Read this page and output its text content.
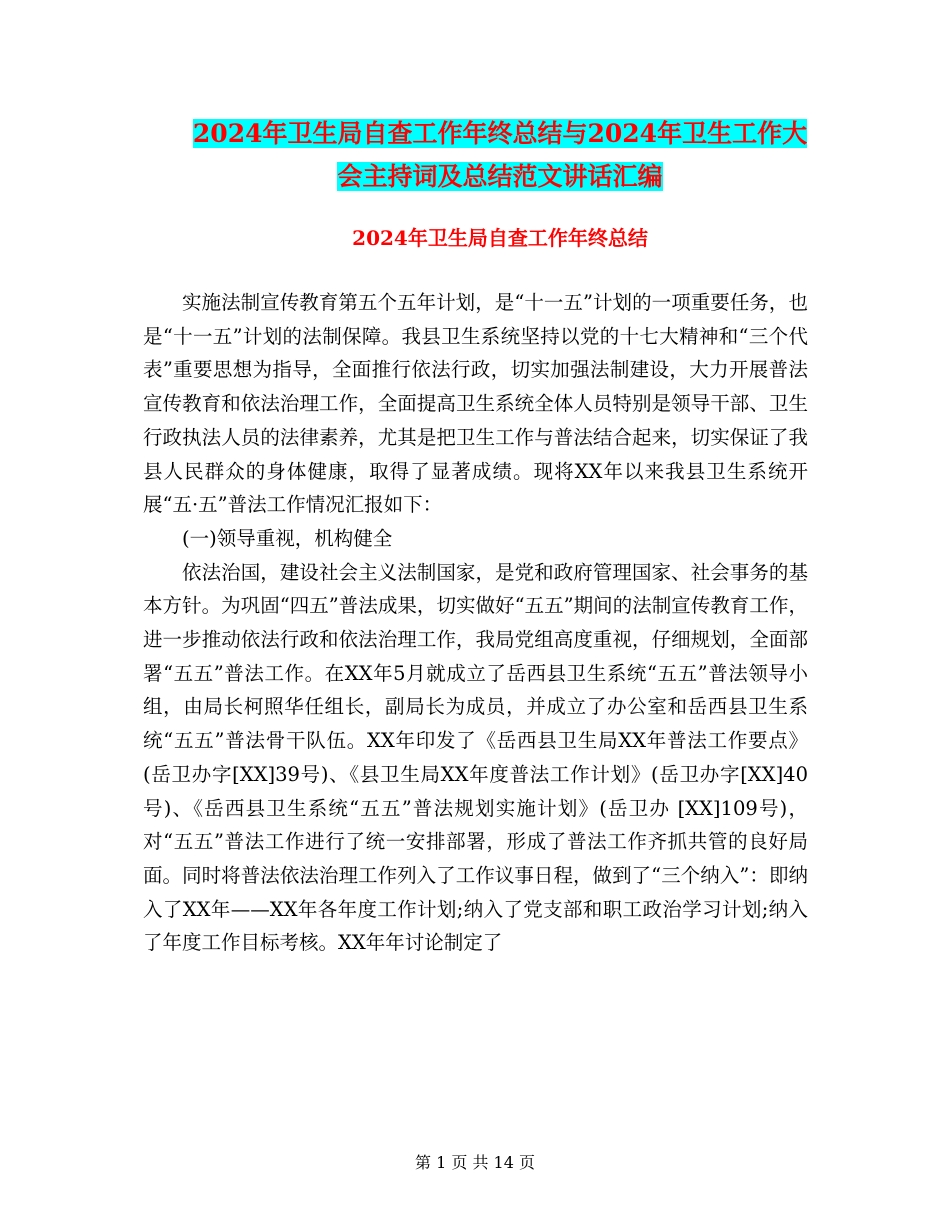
2024年卫生局自查工作年终总结与2024年卫生工作大
会主持词及总结范文讲话汇编
2024年卫生局自查工作年终总结

实施法制宣传教育第五个五年计划，是“十一五”计划的一项重要任务，也是“十一五”计划的法制保障。我县卫生系统坚持以党的十七大精神和“三个代表”重要思想为指导，全面推行依法行政，切实加强法制建设，大力开展普法宣传教育和依法治理工作，全面提高卫生系统全体人员特别是领导干部、卫生行政执法人员的法律素养，尤其是把卫生工作与普法结合起来，切实保证了我县人民群众的身体健康，取得了显著成绩。现将XX年以来我县卫生系统开展“五·五”普法工作情况汇报如下：

(一)领导重视，机构健全

依法治国，建设社会主义法制国家，是党和政府管理国家、社会事务的基本方针。为巩固“四五”普法成果，切实做好“五五”期间的法制宣传教育工作，进一步推动依法行政和依法治理工作，我局党组高度重视，仔细规划，全面部署“五五”普法工作。在XX年5月就成立了岳西县卫生系统“五五”普法领导小组，由局长柯照华任组长，副局长为成员，并成立了办公室和岳西县卫生系统“五五”普法骨干队伍。XX年印发了《岳西县卫生局XX年普法工作要点》(岳卫办字[XX]39号)、《县卫生局XX年度普法工作计划》(岳卫办字[XX]40号)、《岳西县卫生系统“五五”普法规划实施计划》(岳卫办 [XX]109号)，对“五五”普法工作进行了统一安排部署，形成了普法工作齐抓共管的良好局面。同时将普法依法治理工作列入了工作议事日程，做到了“三个纳入”：即纳入了XX年——XX年各年度工作计划;纳入了党支部和职工政治学习计划;纳入了年度工作目标考核。XX年年讨论制定了

第 1 页 共 14 页
